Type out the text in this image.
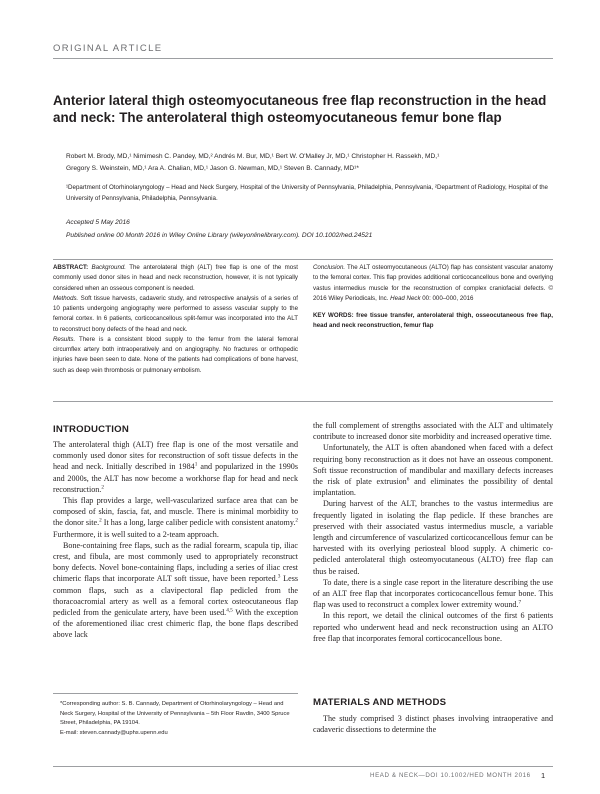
ORIGINAL ARTICLE
Anterior lateral thigh osteomyocutaneous free flap reconstruction in the head and neck: The anterolateral thigh osteomyocutaneous femur bone flap
Robert M. Brody, MD,¹ Nimimesh C. Pandey, MD,² Andrés M. Bur, MD,¹ Bert W. O'Malley Jr, MD,¹ Christopher H. Rassekh, MD,¹
Gregory S. Weinstein, MD,¹ Ara A. Chalian, MD,¹ Jason G. Newman, MD,¹ Steven B. Cannady, MD¹*
¹Department of Otorhinolaryngology – Head and Neck Surgery, Hospital of the University of Pennsylvania, Philadelphia, Pennsylvania, ²Department of Radiology, Hospital of the University of Pennsylvania, Philadelphia, Pennsylvania.
Accepted 5 May 2016
Published online 00 Month 2016 in Wiley Online Library (wileyonlinelibrary.com). DOI 10.1002/hed.24521

ABSTRACT: Background. The anterolateral thigh (ALT) free flap is one of the most commonly used donor sites in head and neck reconstruction, however, it is not typically considered when an osseous component is needed.

Methods. Soft tissue harvests, cadaveric study, and retrospective analysis of a series of 10 patients undergoing angiography were performed to assess vascular supply to the femoral cortex. In 6 patients, corticocancellous split-femur was incorporated into the ALT to reconstruct bony defects of the head and neck.

Results. There is a consistent blood supply to the femur from the lateral femoral circumflex artery both intraoperatively and on angiography. No fractures or orthopedic injuries have been seen to date. None of the patients had complications of bone harvest, such as deep vein thrombosis or pulmonary embolism.

Conclusion. The ALT osteomyocutaneous (ALTO) flap has consistent vascular anatomy to the femoral cortex. This flap provides additional corticocancellous bone and overlying vastus intermedius muscle for the reconstruction of complex craniofacial defects. © 2016 Wiley Periodicals, Inc. Head Neck 00: 000–000, 2016

KEY WORDS: free tissue transfer, anterolateral thigh, osseocutaneous free flap, head and neck reconstruction, femur flap

INTRODUCTION

The anterolateral thigh (ALT) free flap is one of the most versatile and commonly used donor sites for reconstruction of soft tissue defects in the head and neck. Initially described in 1984$^1$ and popularized in the 1990s and 2000s, the ALT has now become a workhorse flap for head and neck reconstruction.$^2$

This flap provides a large, well-vascularized surface area that can be composed of skin, fascia, fat, and muscle. There is minimal morbidity to the donor site.$^2$ It has a long, large caliber pedicle with consistent anatomy.$^2$ Furthermore, it is well suited to a 2-team approach.

Bone-containing free flaps, such as the radial forearm, scapula tip, iliac crest, and fibula, are most commonly used to appropriately reconstruct bony defects. Novel bone-containing flaps, including a series of iliac crest chimeric flaps that incorporate ALT soft tissue, have been reported.$^3$ Less common flaps, such as a clavipectoral flap pedicled from the thoracoacromial artery as well as a femoral cortex osteocutaneous flap pedicled from the geniculate artery, have been used.$^{4,5}$ With the exception of the aforementioned iliac crest chimeric flap, the bone flaps described above lack

*Corresponding author: S. B. Cannady, Department of Otorhinolaryngology – Head and Neck Surgery, Hospital of the University of Pennsylvania – 5th Floor Ravdin, 3400 Spruce Street, Philadelphia, PA 19104.
E-mail: steven.cannady@uphs.upenn.edu

the full complement of strengths associated with the ALT and ultimately contribute to increased donor site morbidity and increased operative time.

Unfortunately, the ALT is often abandoned when faced with a defect requiring bony reconstruction as it does not have an osseous component. Soft tissue reconstruction of mandibular and maxillary defects increases the risk of plate extrusion$^6$ and eliminates the possibility of dental implantation.

During harvest of the ALT, branches to the vastus intermedius are frequently ligated in isolating the flap pedicle. If these branches are preserved with their associated vastus intermedius muscle, a variable length and circumference of vascularized corticocancellous femur can be harvested with its overlying periosteal blood supply. A chimeric co-pedicled anterolateral thigh osteomyocutaneous (ALTO) free flap can thus be raised.

To date, there is a single case report in the literature describing the use of an ALT free flap that incorporates corticocancellous femur bone. This flap was used to reconstruct a complex lower extremity wound.$^7$

In this report, we detail the clinical outcomes of the first 6 patients reported who underwent head and neck reconstruction using an ALTO free flap that incorporates femoral corticocancellous bone.

MATERIALS AND METHODS
The study comprised 3 distinct phases involving intraoperative and cadaveric dissections to determine the
HEAD & NECK—DOI 10.1002/HED MONTH 2016 1
